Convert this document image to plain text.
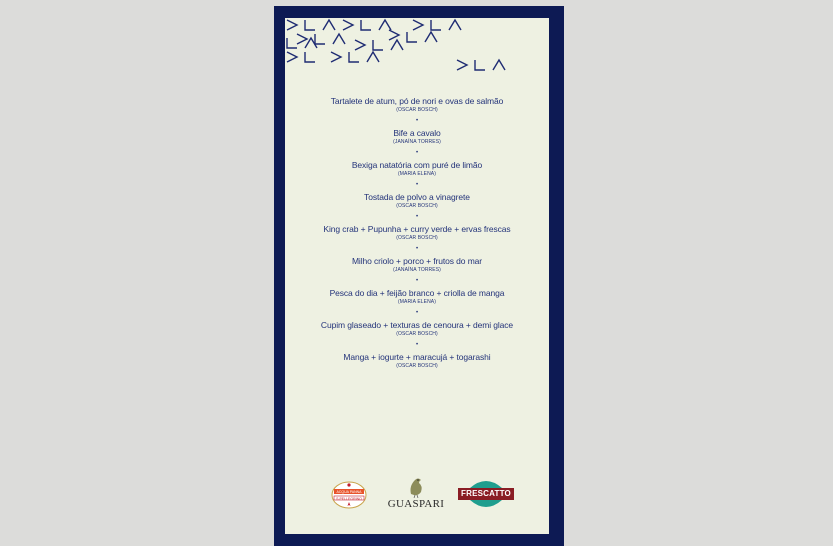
Tartalete de atum, pó de nori e ovas de salmão
(OSCAR BOSCH)
•
Bife a cavalo
(JANAÍNA TORRES)
•
Bexiga natatória com puré de limão
(MARIA ELENA)
•
Tostada de polvo a vinagrete
(OSCAR BOSCH)
•
King crab + Pupunha + curry verde + ervas frescas
(OSCAR BOSCH)
•
Milho criolo + porco + frutos do mar
(JANAÍNA TORRES)
•
Pesca do dia + feijão branco + criolla de manga
(MARIA ELENA)
•
Cupim glaseado + texturas de cenoura + demi glace
(OSCAR BOSCH)
•
Manga + iogurte + maracujá + togarashi
(OSCAR BOSCH)
ACQUA PANNA
S.PELLEGRINO	GUASPARI
FRESCATTO
